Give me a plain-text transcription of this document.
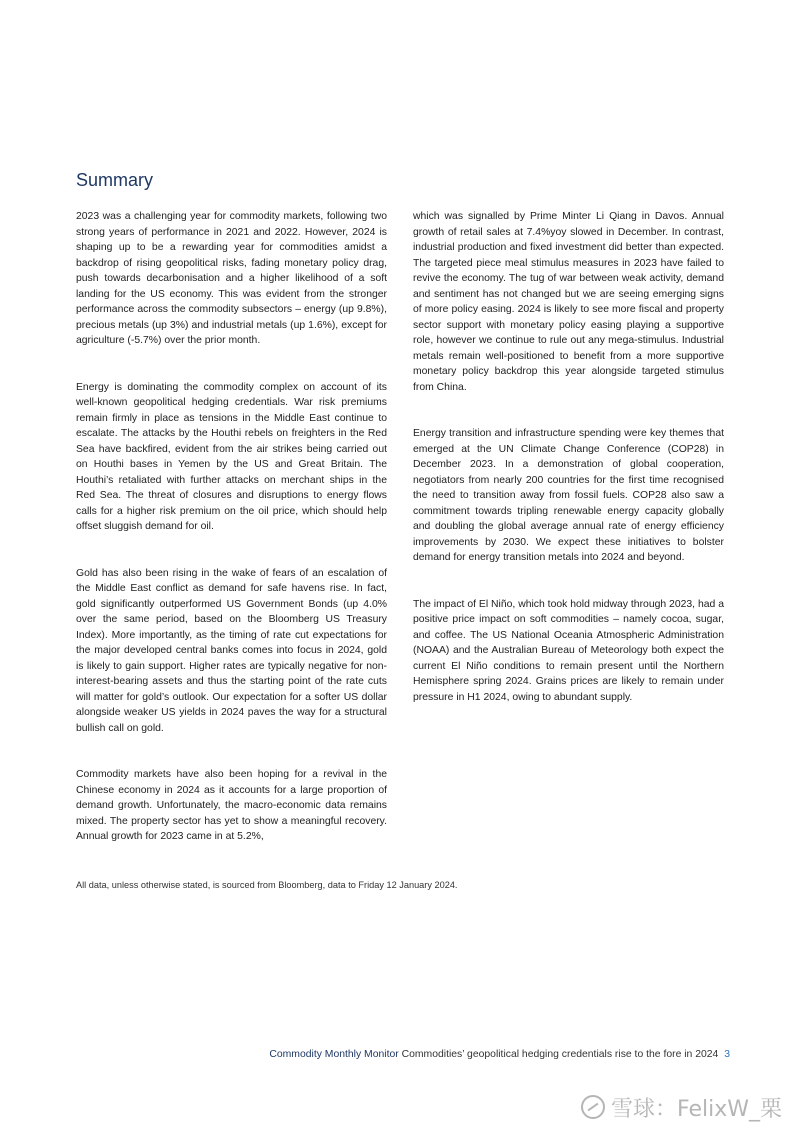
Summary

2023 was a challenging year for commodity markets, following two strong years of performance in 2021 and 2022. However, 2024 is shaping up to be a rewarding year for commodities amidst a backdrop of rising geopolitical risks, fading monetary policy drag, push towards decarbonisation and a higher likelihood of a soft landing for the US economy. This was evident from the stronger performance across the commodity subsectors – energy (up 9.8%), precious metals (up 3%) and industrial metals (up 1.6%), except for agriculture (-5.7%) over the prior month.

Energy is dominating the commodity complex on account of its well-known geopolitical hedging credentials. War risk premiums remain firmly in place as tensions in the Middle East continue to escalate. The attacks by the Houthi rebels on freighters in the Red Sea have backfired, evident from the air strikes being carried out on Houthi bases in Yemen by the US and Great Britain. The Houthi’s retaliated with further attacks on merchant ships in the Red Sea. The threat of closures and disruptions to energy flows calls for a higher risk premium on the oil price, which should help offset sluggish demand for oil.

Gold has also been rising in the wake of fears of an escalation of the Middle East conflict as demand for safe havens rise. In fact, gold significantly outperformed US Government Bonds (up 4.0% over the same period, based on the Bloomberg US Treasury Index). More importantly, as the timing of rate cut expectations for the major developed central banks comes into focus in 2024, gold is likely to gain support. Higher rates are typically negative for non-interest-bearing assets and thus the starting point of the rate cuts will matter for gold’s outlook. Our expectation for a softer US dollar alongside weaker US yields in 2024 paves the way for a structural bullish call on gold.

Commodity markets have also been hoping for a revival in the Chinese economy in 2024 as it accounts for a large proportion of demand growth. Unfortunately, the macro-economic data remains mixed. The property sector has yet to show a meaningful recovery. Annual growth for 2023 came in at 5.2%,

which was signalled by Prime Minter Li Qiang in Davos. Annual growth of retail sales at 7.4%yoy slowed in December. In contrast, industrial production and fixed investment did better than expected. The targeted piece meal stimulus measures in 2023 have failed to revive the economy. The tug of war between weak activity, demand and sentiment has not changed but we are seeing emerging signs of more policy easing. 2024 is likely to see more fiscal and property sector support with monetary policy easing playing a supportive role, however we continue to rule out any mega-stimulus. Industrial metals remain well-positioned to benefit from a more supportive monetary policy backdrop this year alongside targeted stimulus from China.

Energy transition and infrastructure spending were key themes that emerged at the UN Climate Change Conference (COP28) in December 2023. In a demonstration of global cooperation, negotiators from nearly 200 countries for the first time recognised the need to transition away from fossil fuels. COP28 also saw a commitment towards tripling renewable energy capacity globally and doubling the global average annual rate of energy efficiency improvements by 2030. We expect these initiatives to bolster demand for energy transition metals into 2024 and beyond.

The impact of El Niño, which took hold midway through 2023, had a positive price impact on soft commodities – namely cocoa, sugar, and coffee. The US National Oceania Atmospheric Administration (NOAA) and the Australian Bureau of Meteorology both expect the current El Niño conditions to remain present until the Northern Hemisphere spring 2024. Grains prices are likely to remain under pressure in H1 2024, owing to abundant supply.

All data, unless otherwise stated, is sourced from Bloomberg, data to Friday 12 January 2024.
Commodity Monthly Monitor Commodities’ geopolitical hedging credentials rise to the fore in 2024 3
雪球：FelixW_栗
